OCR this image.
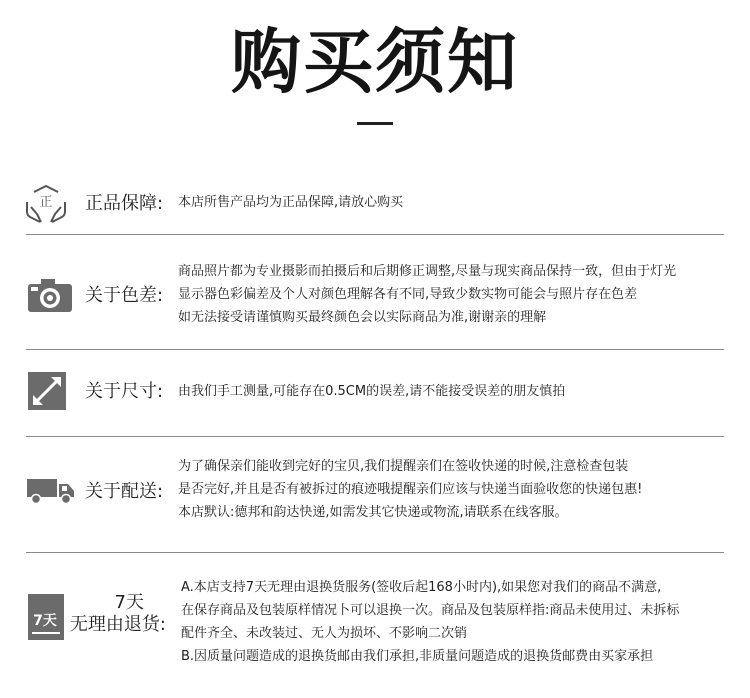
购买须知
正 正品保障: 本店所售产品均为正品保障,请放心购买
关于色差:
商品照片都为专业摄影而拍摄后和后期修正调整,尽量与现实商品保持一致，但由于灯光
显示器色彩偏差及个人对颜色理解各有不同,导致少数实物可能会与照片存在色差
如无法接受请谨慎购买最终颜色会以实际商品为准,谢谢亲的理解
关于尺寸: 由我们手工测量,可能存在0.5CM的误差,请不能接受误差的朋友慎拍
关于配送:
为了确保亲们能收到完好的宝贝,我们提醒亲们在签收快递的时候,注意检查包装
是否完好,并且是否有被拆过的痕迹哦提醒亲们应该与快递当面验收您的快递包惠!
本店默认:德邦和韵达快递,如需发其它快递或物流,请联系在线客服。
7天
7天
无理由退货:
A.本店支持7天无理由退换货服务(签收后起168小时内),如果您对我们的商品不满意,
在保存商品及包装原样情况卜可以退换一次。商品及包装原样指:商品未使用过、未拆标
配件齐全、未改装过、无人为损坏、不影响二次销
B.因质量问题造成的退换货邮由我们承担,非质量问题造成的退换货邮费由买家承担
